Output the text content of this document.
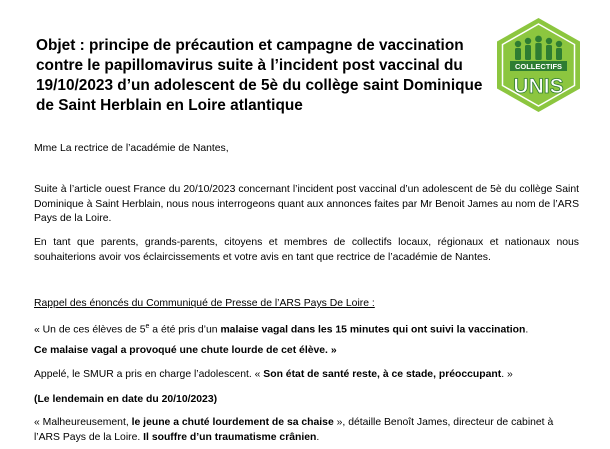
Objet : principe de précaution et campagne de vaccination
contre le papillomavirus suite à l’incident post vaccinal du
19/10/2023 d’un adolescent de 5è du collège saint Dominique
de Saint Herblain en Loire atlantique
COLLECTIFS
UNIS
Mme La rectrice de l’académie de Nantes,
Suite à l’article ouest France du 20/10/2023 concernant l’incident post vaccinal d’un adolescent de 5è du collège Saint Dominique à Saint Herblain, nous nous interrogeons quant aux annonces faites par Mr Benoit James au nom de l’ARS Pays de la Loire.
En tant que parents, grands-parents, citoyens et membres de collectifs locaux, régionaux et nationaux nous souhaiterions avoir vos éclaircissements et votre avis en tant que rectrice de l’académie de Nantes.
Rappel des énoncés du Communiqué de Presse de l’ARS Pays De Loire :
« Un de ces élèves de 5e a été pris d’un malaise vagal dans les 15 minutes qui ont suivi la vaccination.
Ce malaise vagal a provoqué une chute lourde de cet élève. »
Appelé, le SMUR a pris en charge l’adolescent. « Son état de santé reste, à ce stade, préoccupant. »
(Le lendemain en date du 20/10/2023)
« Malheureusement, le jeune a chuté lourdement de sa chaise », détaille Benoît James, directeur de cabinet à l’ARS Pays de la Loire. Il souffre d’un traumatisme crânien.
